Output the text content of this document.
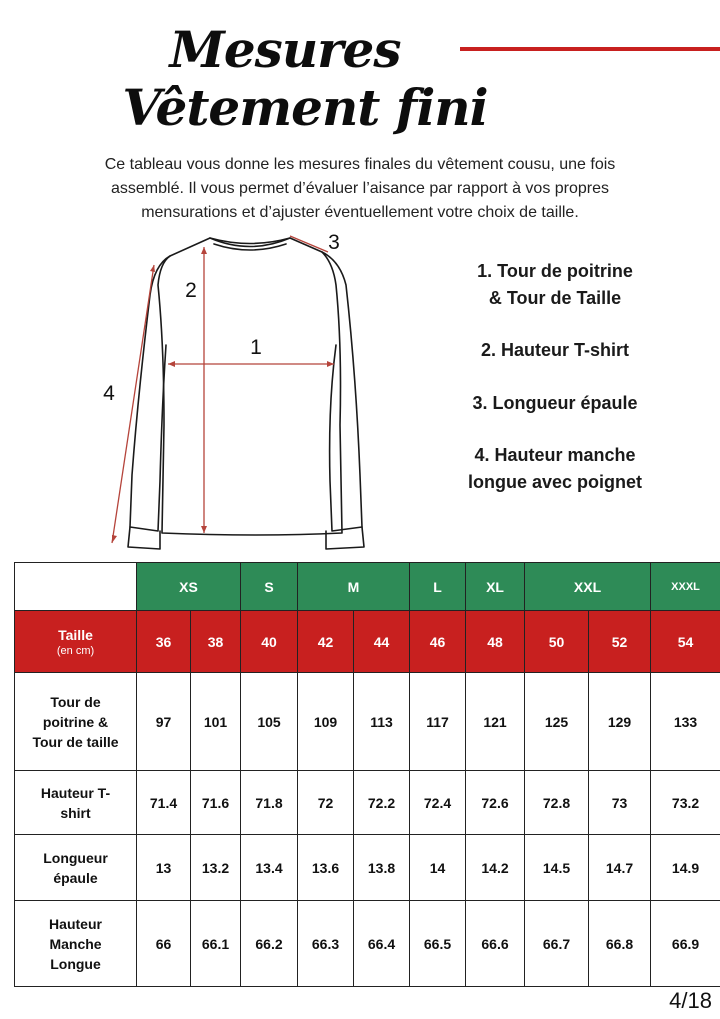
Mesures
Vêtement fini
Ce tableau vous donne les mesures finales du vêtement cousu, une fois
assemblé. Il vous permet d’évaluer l’aisance par rapport à vos propres
mensurations et d’ajuster éventuellement votre choix de taille.
1
2
3
4
1. Tour de poitrine
& Tour de Taille
2. Hauteur T-shirt
3. Longueur épaule
4. Hauteur manche
longue avec poignet
	XS		S	M		L	XL	XXL		XXXL
Taille
(en cm)	36	38	40	42	44	46	48	50	52	54

Tour de
poitrine &
Tour de taille	97	101	105	109	113	117	121	125	129	133

Hauteur T-
shirt	71.4	71.6	71.8	72	72.2	72.4	72.6	72.8	73	73.2

Longueur
épaule	13	13.2	13.4	13.6	13.8	14	14.2	14.5	14.7	14.9

Hauteur
Manche
Longue	66	66.1	66.2	66.3	66.4	66.5	66.6	66.7	66.8	66.9
4/18
